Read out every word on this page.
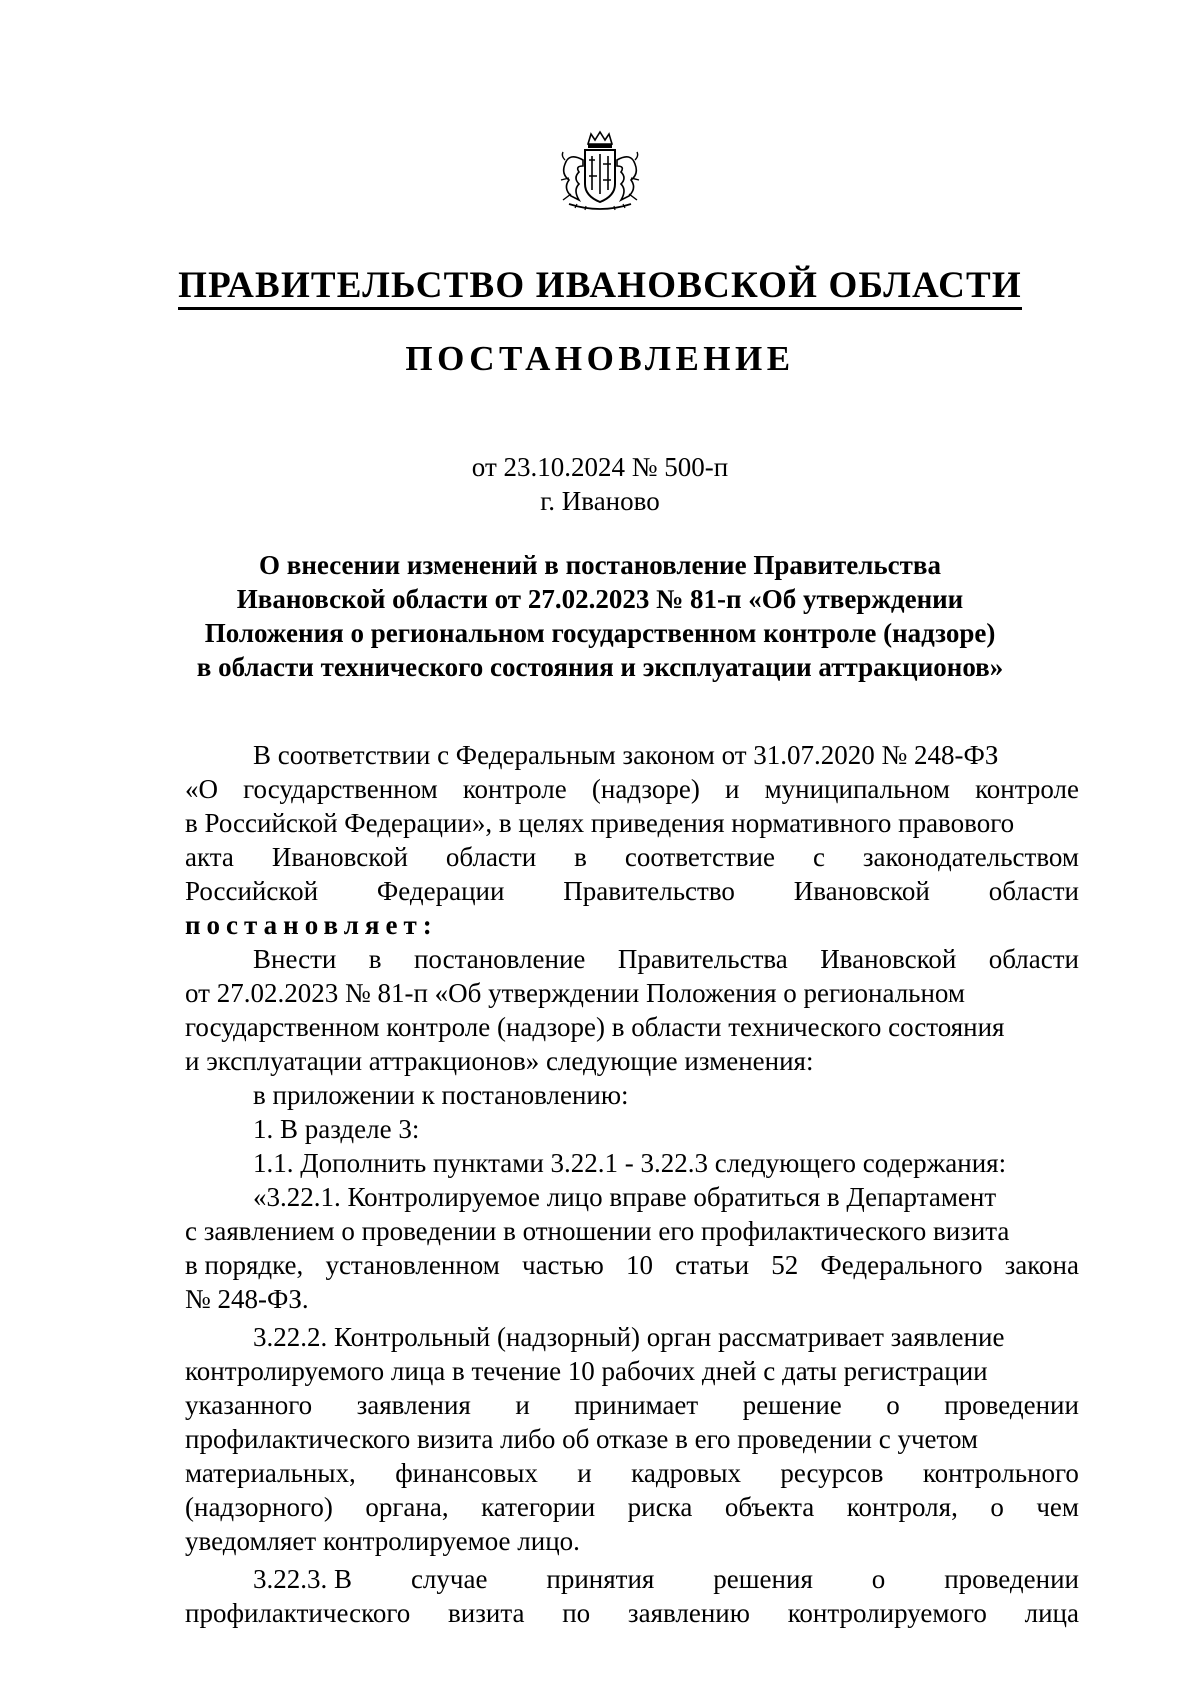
ПРАВИТЕЛЬСТВО ИВАНОВСКОЙ ОБЛАСТИ
ПОСТАНОВЛЕНИЕ
от 23.10.2024 № 500-п
г. Иваново
О внесении изменений в постановление Правительства
Ивановской области от 27.02.2023 № 81-п «Об утверждении
Положения о региональном государственном контроле (надзоре)
в области технического состояния и эксплуатации аттракционов»
В соответствии с Федеральным законом от 31.07.2020 № 248-ФЗ
«О государственном контроле (надзоре) и муниципальном контроле
в Российской Федерации», в целях приведения нормативного правового
акта Ивановской области в соответствие с законодательством
Российской Федерации Правительство Ивановской области
постановляет:
Внести в постановление Правительства Ивановской области
от 27.02.2023 № 81-п «Об утверждении Положения о региональном
государственном контроле (надзоре) в области технического состояния
и эксплуатации аттракционов» следующие изменения:
в приложении к постановлению:
1. В разделе 3:
1.1. Дополнить пунктами 3.22.1 - 3.22.3 следующего содержания:
«3.22.1. Контролируемое лицо вправе обратиться в Департамент
с заявлением о проведении в отношении его профилактического визита
в порядке, установленном частью 10 статьи 52 Федерального закона
№ 248-ФЗ.
3.22.2. Контрольный (надзорный) орган рассматривает заявление
контролируемого лица в течение 10 рабочих дней с даты регистрации
указанного заявления и принимает решение о проведении
профилактического визита либо об отказе в его проведении с учетом
материальных, финансовых и кадровых ресурсов контрольного
(надзорного) органа, категории риска объекта контроля, о чем
уведомляет контролируемое лицо.
3.22.3. В случае принятия решения о проведении
профилактического визита по заявлению контролируемого лица
